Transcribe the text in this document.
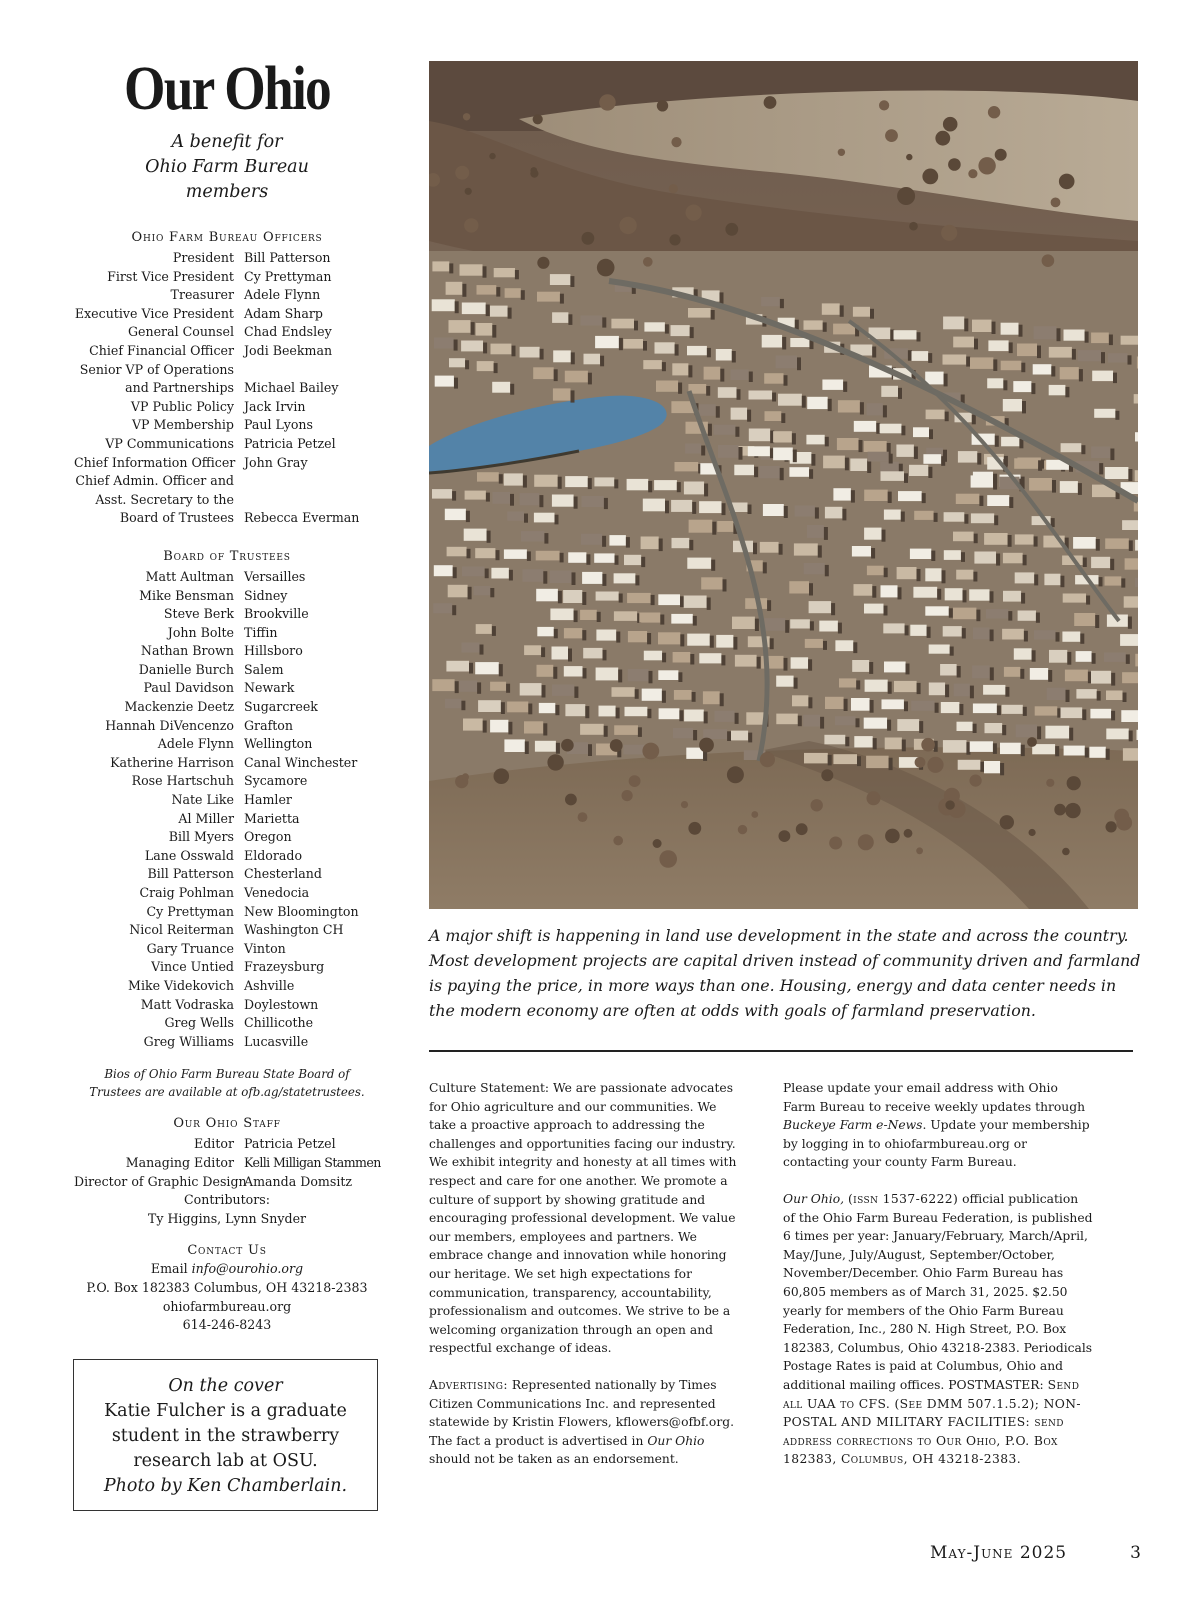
Our Ohio
A benefit for
Ohio Farm Bureau
members
Ohio Farm Bureau Officers
President Bill Patterson
First Vice President Cy Prettyman
Treasurer Adele Flynn
Executive Vice President Adam Sharp
General Counsel Chad Endsley
Chief Financial Officer Jodi Beekman
Senior VP of Operations
and Partnerships Michael Bailey
VP Public Policy Jack Irvin
VP Membership Paul Lyons
VP Communications Patricia Petzel
Chief Information Officer John Gray
Chief Admin. Officer and
Asst. Secretary to the
Board of Trustees Rebecca Everman
Board of Trustees
Matt Aultman Versailles
Mike Bensman Sidney
Steve Berk Brookville
John Bolte Tiffin
Nathan Brown Hillsboro
Danielle Burch Salem
Paul Davidson Newark
Mackenzie Deetz Sugarcreek
Hannah DiVencenzo Grafton
Adele Flynn Wellington
Katherine Harrison Canal Winchester
Rose Hartschuh Sycamore
Nate Like Hamler
Al Miller Marietta
Bill Myers Oregon
Lane Osswald Eldorado
Bill Patterson Chesterland
Craig Pohlman Venedocia
Cy Prettyman New Bloomington
Nicol Reiterman Washington CH
Gary Truance Vinton
Vince Untied Frazeysburg
Mike Videkovich Ashville
Matt Vodraska Doylestown
Greg Wells Chillicothe
Greg Williams Lucasville
Bios of Ohio Farm Bureau State Board of
Trustees are available at ofb.ag/statetrustees.
Our Ohio Staff
Editor Patricia Petzel
Managing Editor Kelli Milligan Stammen
Director of Graphic Design
Amanda Domsitz
Contributors:
Ty Higgins, Lynn Snyder
Contact Us
Email info@ourohio.org
P.O. Box 182383 Columbus, OH 43218-2383
ohiofarmbureau.org
614-246-8243
On the cover
Katie Fulcher is a graduate
student in the strawberry
research lab at OSU.
Photo by Ken Chamberlain.
A major shift is happening in land use development in the state and across the country. Most development projects are capital driven instead of community driven and farmland is paying the price, in more ways than one. Housing, energy and data center needs in the modern economy are often at odds with goals of farmland preservation.

Culture Statement: We are passionate advocates for Ohio agriculture and our communities. We take a proactive approach to addressing the challenges and opportunities facing our industry. We exhibit integrity and honesty at all times with respect and care for one another. We promote a culture of support by showing gratitude and encouraging professional development. We value our members, employees and partners. We embrace change and innovation while honoring our heritage. We set high expectations for communication, transparency, accountability, professionalism and outcomes. We strive to be a welcoming organization through an open and respectful exchange of ideas.

Advertising: Represented nationally by Times Citizen Communications Inc. and represented statewide by Kristin Flowers, kflowers@ofbf.org. The fact a product is advertised in Our Ohio should not be taken as an endorsement.

Please update your email address with Ohio Farm Bureau to receive weekly updates through Buckeye Farm e-News. Update your membership by logging in to ohiofarmbureau.org or contacting your county Farm Bureau.

Our Ohio, (issn 1537-6222) official publication of the Ohio Farm Bureau Federation, is published 6 times per year: January/February, March/April, May/June, July/August, September/October, November/December. Ohio Farm Bureau has 60,805 members as of March 31, 2025. $2.50 yearly for members of the Ohio Farm Bureau Federation, Inc., 280 N. High Street, P.O. Box 182383, Columbus, Ohio 43218-2383. Periodicals Postage Rates is paid at Columbus, Ohio and additional mailing offices. POSTMASTER: Send all UAA to CFS. (See DMM 507.1.5.2); NON-POSTAL AND MILITARY FACILITIES: send address corrections to Our Ohio, P.O. Box 182383, Columbus, OH 43218-2383.

May-June 2025	3
